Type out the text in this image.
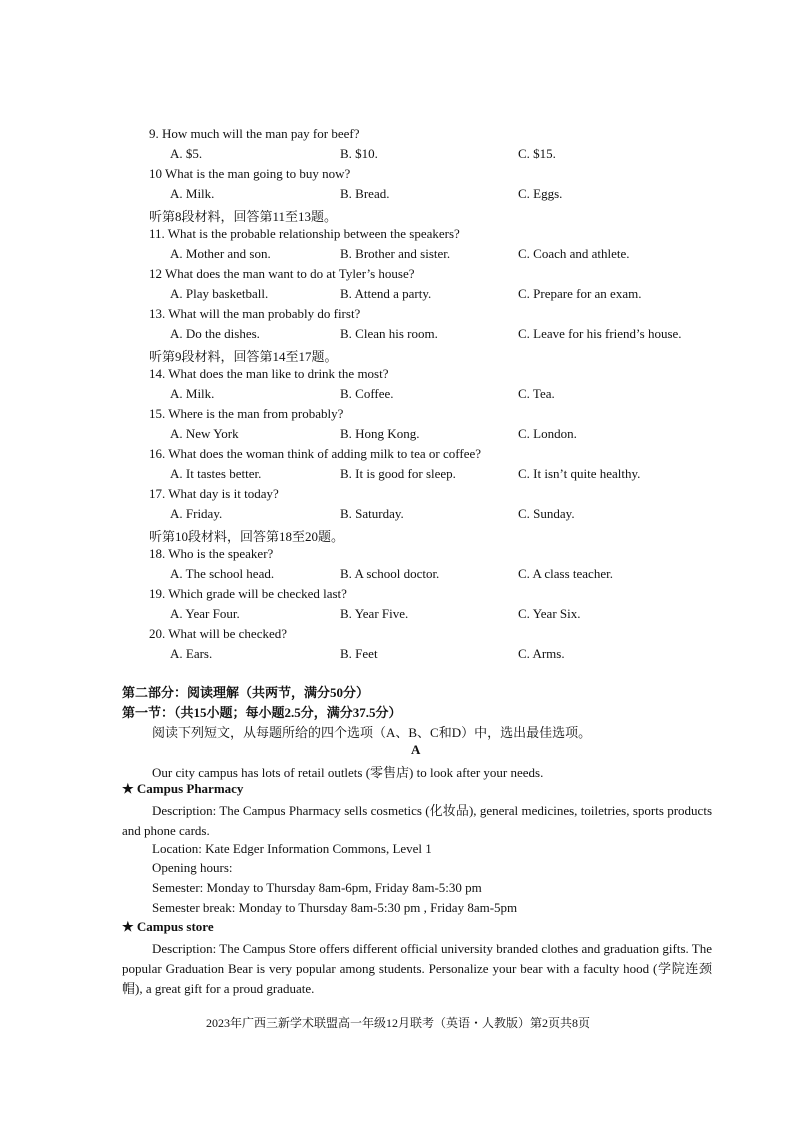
9. How much will the man pay for beef?
A. $5.	B. $10.	C. $15.
10 What is the man going to buy now?
A. Milk.	B. Bread.	C. Eggs.
听第8段材料，回答第11至13题。
11. What is the probable relationship between the speakers?
A. Mother and son.	B. Brother and sister.	C. Coach and athlete.
12 What does the man want to do at Tyler’s house?
A. Play basketball.	B. Attend a party.	C. Prepare for an exam.
13. What will the man probably do first?
A. Do the dishes.	B. Clean his room.	C. Leave for his friend’s house.
听第9段材料，回答第14至17题。
14. What does the man like to drink the most?
A. Milk.	B. Coffee.	C. Tea.
15. Where is the man from probably?
A. New York	B. Hong Kong.	C. London.
16. What does the woman think of adding milk to tea or coffee?
A. It tastes better.	B. It is good for sleep.	C. It isn’t quite healthy.
17. What day is it today?
A. Friday.	B. Saturday.	C. Sunday.
听第10段材料，回答第18至20题。
18. Who is the speaker?
A. The school head.	B. A school doctor.	C. A class teacher.
19. Which grade will be checked last?
A. Year Four.	B. Year Five.	C. Year Six.
20. What will be checked?
A. Ears.	B. Feet	C. Arms.
第二部分：阅读理解（共两节，满分50分）
第一节：（共15小题；每小题2.5分，满分37.5分）
阅读下列短文，从每题所给的四个选项（A、B、C和D）中，选出最佳选项。
A
Our city campus has lots of retail outlets (零售店) to look after your needs.
★ Campus Pharmacy
Description: The Campus Pharmacy sells cosmetics (化妆品), general medicines, toiletries, sports products and phone cards.
Location: Kate Edger Information Commons, Level 1
Opening hours:
Semester: Monday to Thursday 8am-6pm, Friday 8am-5:30 pm
Semester break: Monday to Thursday 8am-5:30 pm , Friday 8am-5pm
★ Campus store
Description: The Campus Store offers different official university branded clothes and graduation gifts. The popular Graduation Bear is very popular among students. Personalize your bear with a faculty hood (学院连颈帽), a great gift for a proud graduate.
2023年广西三新学术联盟高一年级12月联考（英语・人教版）第2页共8页
